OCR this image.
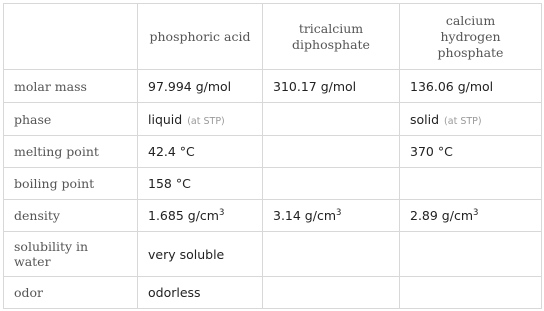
	phosphoric acid	tricalcium diphosphate	calcium hydrogen phosphate
molar mass	97.994 g/mol	310.17 g/mol	136.06 g/mol
phase	liquid (at STP)		solid (at STP)
melting point	42.4 °C		370 °C
boiling point	158 °C		
density	1.685 $g/cm^3$	3.14 $g/cm^3$	2.89 $g/cm^3$
solubility in water	very soluble		
odor	odorless		
